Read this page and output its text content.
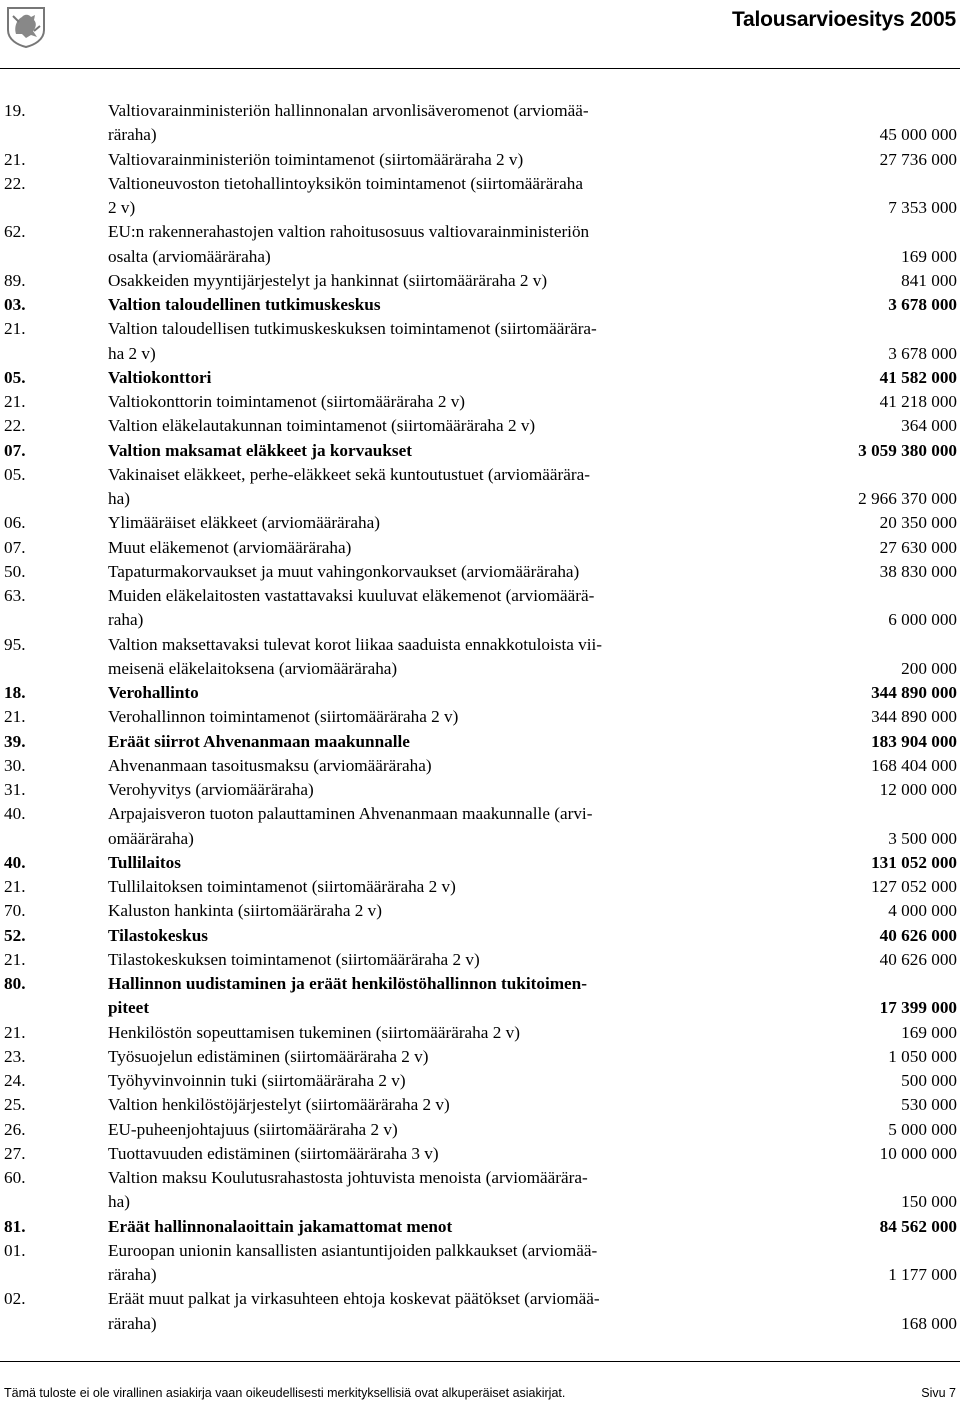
Talousarvioesitys 2005
19.	Valtiovarainministeriön hallinnonalan arvonlisäveromenot (arviomää-
räraha)	45 000 000
21.	Valtiovarainministeriön toimintamenot (siirtomääräraha 2 v)	27 736 000
22.	Valtioneuvoston tietohallintoyksikön toimintamenot (siirtomääräraha
2 v)	7 353 000
62.	EU:n rakennerahastojen valtion rahoitusosuus valtiovarainministeriön
osalta (arviomääräraha)	169 000
89.	Osakkeiden myyntijärjestelyt ja hankinnat (siirtomääräraha 2 v)	841 000
03.	Valtion taloudellinen tutkimuskeskus	3 678 000
21.	Valtion taloudellisen tutkimuskeskuksen toimintamenot (siirtomäärära-
ha 2 v)	3 678 000
05.	Valtiokonttori	41 582 000
21.	Valtiokonttorin toimintamenot (siirtomääräraha 2 v)	41 218 000
22.	Valtion eläkelautakunnan toimintamenot (siirtomääräraha 2 v)	364 000
07.	Valtion maksamat eläkkeet ja korvaukset	3 059 380 000
05.	Vakinaiset eläkkeet, perhe-eläkkeet sekä kuntoutustuet (arviomäärära-
ha)	2 966 370 000
06.	Ylimääräiset eläkkeet (arviomääräraha)	20 350 000
07.	Muut eläkemenot (arviomääräraha)	27 630 000
50.	Tapaturmakorvaukset ja muut vahingonkorvaukset (arviomääräraha)	38 830 000
63.	Muiden eläkelaitosten vastattavaksi kuuluvat eläkemenot (arviomäärä-
raha)	6 000 000
95.	Valtion maksettavaksi tulevat korot liikaa saaduista ennakkotuloista vii-
meisenä eläkelaitoksena (arviomääräraha)	200 000
18.	Verohallinto	344 890 000
21.	Verohallinnon toimintamenot (siirtomääräraha 2 v)	344 890 000
39.	Eräät siirrot Ahvenanmaan maakunnalle	183 904 000
30.	Ahvenanmaan tasoitusmaksu (arviomääräraha)	168 404 000
31.	Verohyvitys (arviomääräraha)	12 000 000
40.	Arpajaisveron tuoton palauttaminen Ahvenanmaan maakunnalle (arvi-
omääräraha)	3 500 000
40.	Tullilaitos	131 052 000
21.	Tullilaitoksen toimintamenot (siirtomääräraha 2 v)	127 052 000
70.	Kaluston hankinta (siirtomääräraha 2 v)	4 000 000
52.	Tilastokeskus	40 626 000
21.	Tilastokeskuksen toimintamenot (siirtomääräraha 2 v)	40 626 000
80.	Hallinnon uudistaminen ja eräät henkilöstöhallinnon tukitoimen-
piteet	17 399 000
21.	Henkilöstön sopeuttamisen tukeminen (siirtomääräraha 2 v)	169 000
23.	Työsuojelun edistäminen (siirtomääräraha 2 v)	1 050 000
24.	Työhyvinvoinnin tuki (siirtomääräraha 2 v)	500 000
25.	Valtion henkilöstöjärjestelyt (siirtomääräraha 2 v)	530 000
26.	EU-puheenjohtajuus (siirtomääräraha 2 v)	5 000 000
27.	Tuottavuuden edistäminen (siirtomääräraha 3 v)	10 000 000
60.	Valtion maksu Koulutusrahastosta johtuvista menoista (arviomäärära-
ha)	150 000
81.	Eräät hallinnonalaoittain jakamattomat menot	84 562 000
01.	Euroopan unionin kansallisten asiantuntijoiden palkkaukset (arviomää-
räraha)	1 177 000
02.	Eräät muut palkat ja virkasuhteen ehtoja koskevat päätökset (arviomää-
räraha)	168 000
Tämä tuloste ei ole virallinen asiakirja vaan oikeudellisesti merkityksellisiä ovat alkuperäiset asiakirjat.	Sivu 7
